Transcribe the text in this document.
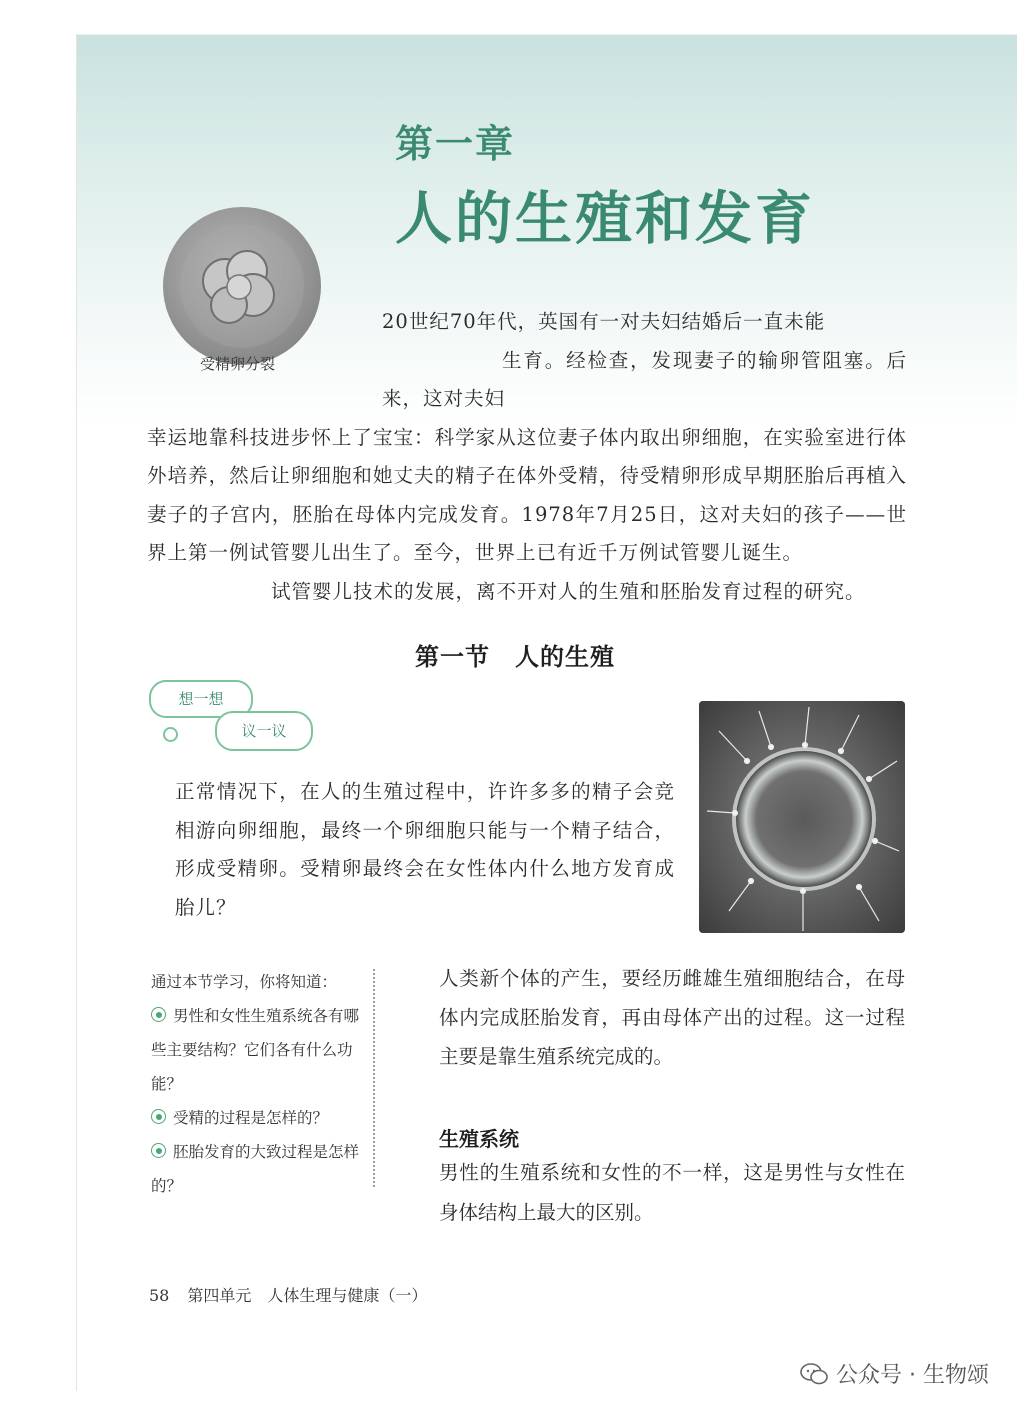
第一章
人的生殖和发育
受精卵分裂

20世纪70年代，英国有一对夫妇结婚后一直未能
生育。经检查，发现妻子的输卵管阻塞。后来，这对夫妇

幸运地靠科技进步怀上了宝宝：科学家从这位妻子体内取出卵细胞，在实验室进行体外培养，然后让卵细胞和她丈夫的精子在体外受精，待受精卵形成早期胚胎后再植入妻子的子宫内，胚胎在母体内完成发育。1978年7月25日，这对夫妇的孩子——世界上第一例试管婴儿出生了。至今，世界上已有近千万例试管婴儿诞生。

试管婴儿技术的发展，离不开对人的生殖和胚胎发育过程的研究。

第一节　人的生殖
想一想
议一议
正常情况下，在人的生殖过程中，许许多多的精子会竞相游向卵细胞，最终一个卵细胞只能与一个精子结合，形成受精卵。受精卵最终会在女性体内什么地方发育成胎儿？
通过本节学习，你将知道：
男性和女性生殖系统各有哪些主要结构？它们各有什么功能？
受精的过程是怎样的？
胚胎发育的大致过程是怎样的？
人类新个体的产生，要经历雌雄生殖细胞结合，在母体内完成胚胎发育，再由母体产出的过程。这一过程主要是靠生殖系统完成的。
生殖系统
男性的生殖系统和女性的不一样，这是男性与女性在身体结构上最大的区别。
58 第四单元　人体生理与健康（一）
公众号 · 生物颂
